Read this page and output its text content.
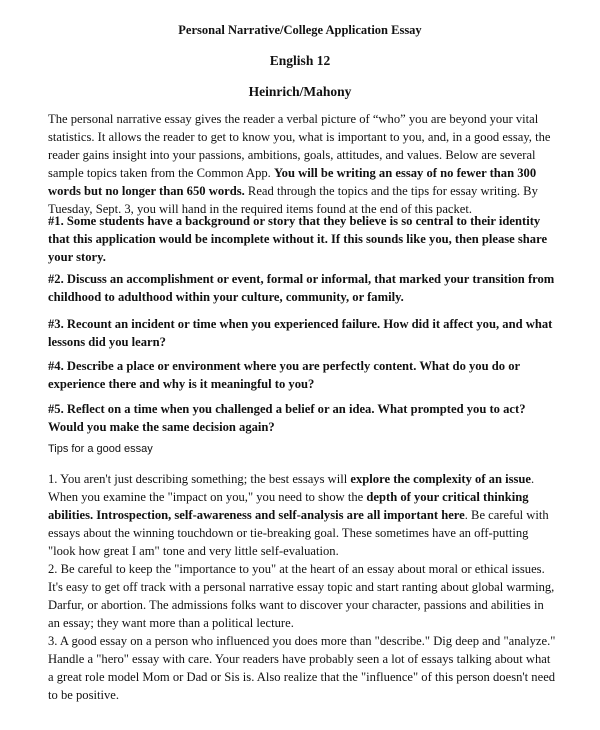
Personal Narrative/College Application Essay
English 12
Heinrich/Mahony

The personal narrative essay gives the reader a verbal picture of “who” you are beyond your vital statistics. It allows the reader to get to know you, what is important to you, and, in a good essay, the reader gains insight into your passions, ambitions, goals, attitudes, and values. Below are several sample topics taken from the Common App. You will be writing an essay of no fewer than 300 words but no longer than 650 words. Read through the topics and the tips for essay writing. By Tuesday, Sept. 3, you will hand in the required items found at the end of this packet.

#1. Some students have a background or story that they believe is so central to their identity that this application would be incomplete without it. If this sounds like you, then please share your story.

#2. Discuss an accomplishment or event, formal or informal, that marked your transition from childhood to adulthood within your culture, community, or family.

#3. Recount an incident or time when you experienced failure. How did it affect you, and what lessons did you learn?

#4. Describe a place or environment where you are perfectly content. What do you do or experience there and why is it meaningful to you?

#5. Reflect on a time when you challenged a belief or an idea. What prompted you to act? Would you make the same decision again?

Tips for a good essay

1. You aren't just describing something; the best essays will explore the complexity of an issue. When you examine the "impact on you," you need to show the depth of your critical thinking abilities. Introspection, self-awareness and self-analysis are all important here. Be careful with essays about the winning touchdown or tie-breaking goal. These sometimes have an off-putting "look how great I am" tone and very little self-evaluation.

2. Be careful to keep the "importance to you" at the heart of an essay about moral or ethical issues. It's easy to get off track with a personal narrative essay topic and start ranting about global warming, Darfur, or abortion. The admissions folks want to discover your character, passions and abilities in an essay; they want more than a political lecture.

3. A good essay on a person who influenced you does more than "describe." Dig deep and "analyze." Handle a "hero" essay with care. Your readers have probably seen a lot of essays talking about what a great role model Mom or Dad or Sis is. Also realize that the "influence" of this person doesn't need to be positive.
